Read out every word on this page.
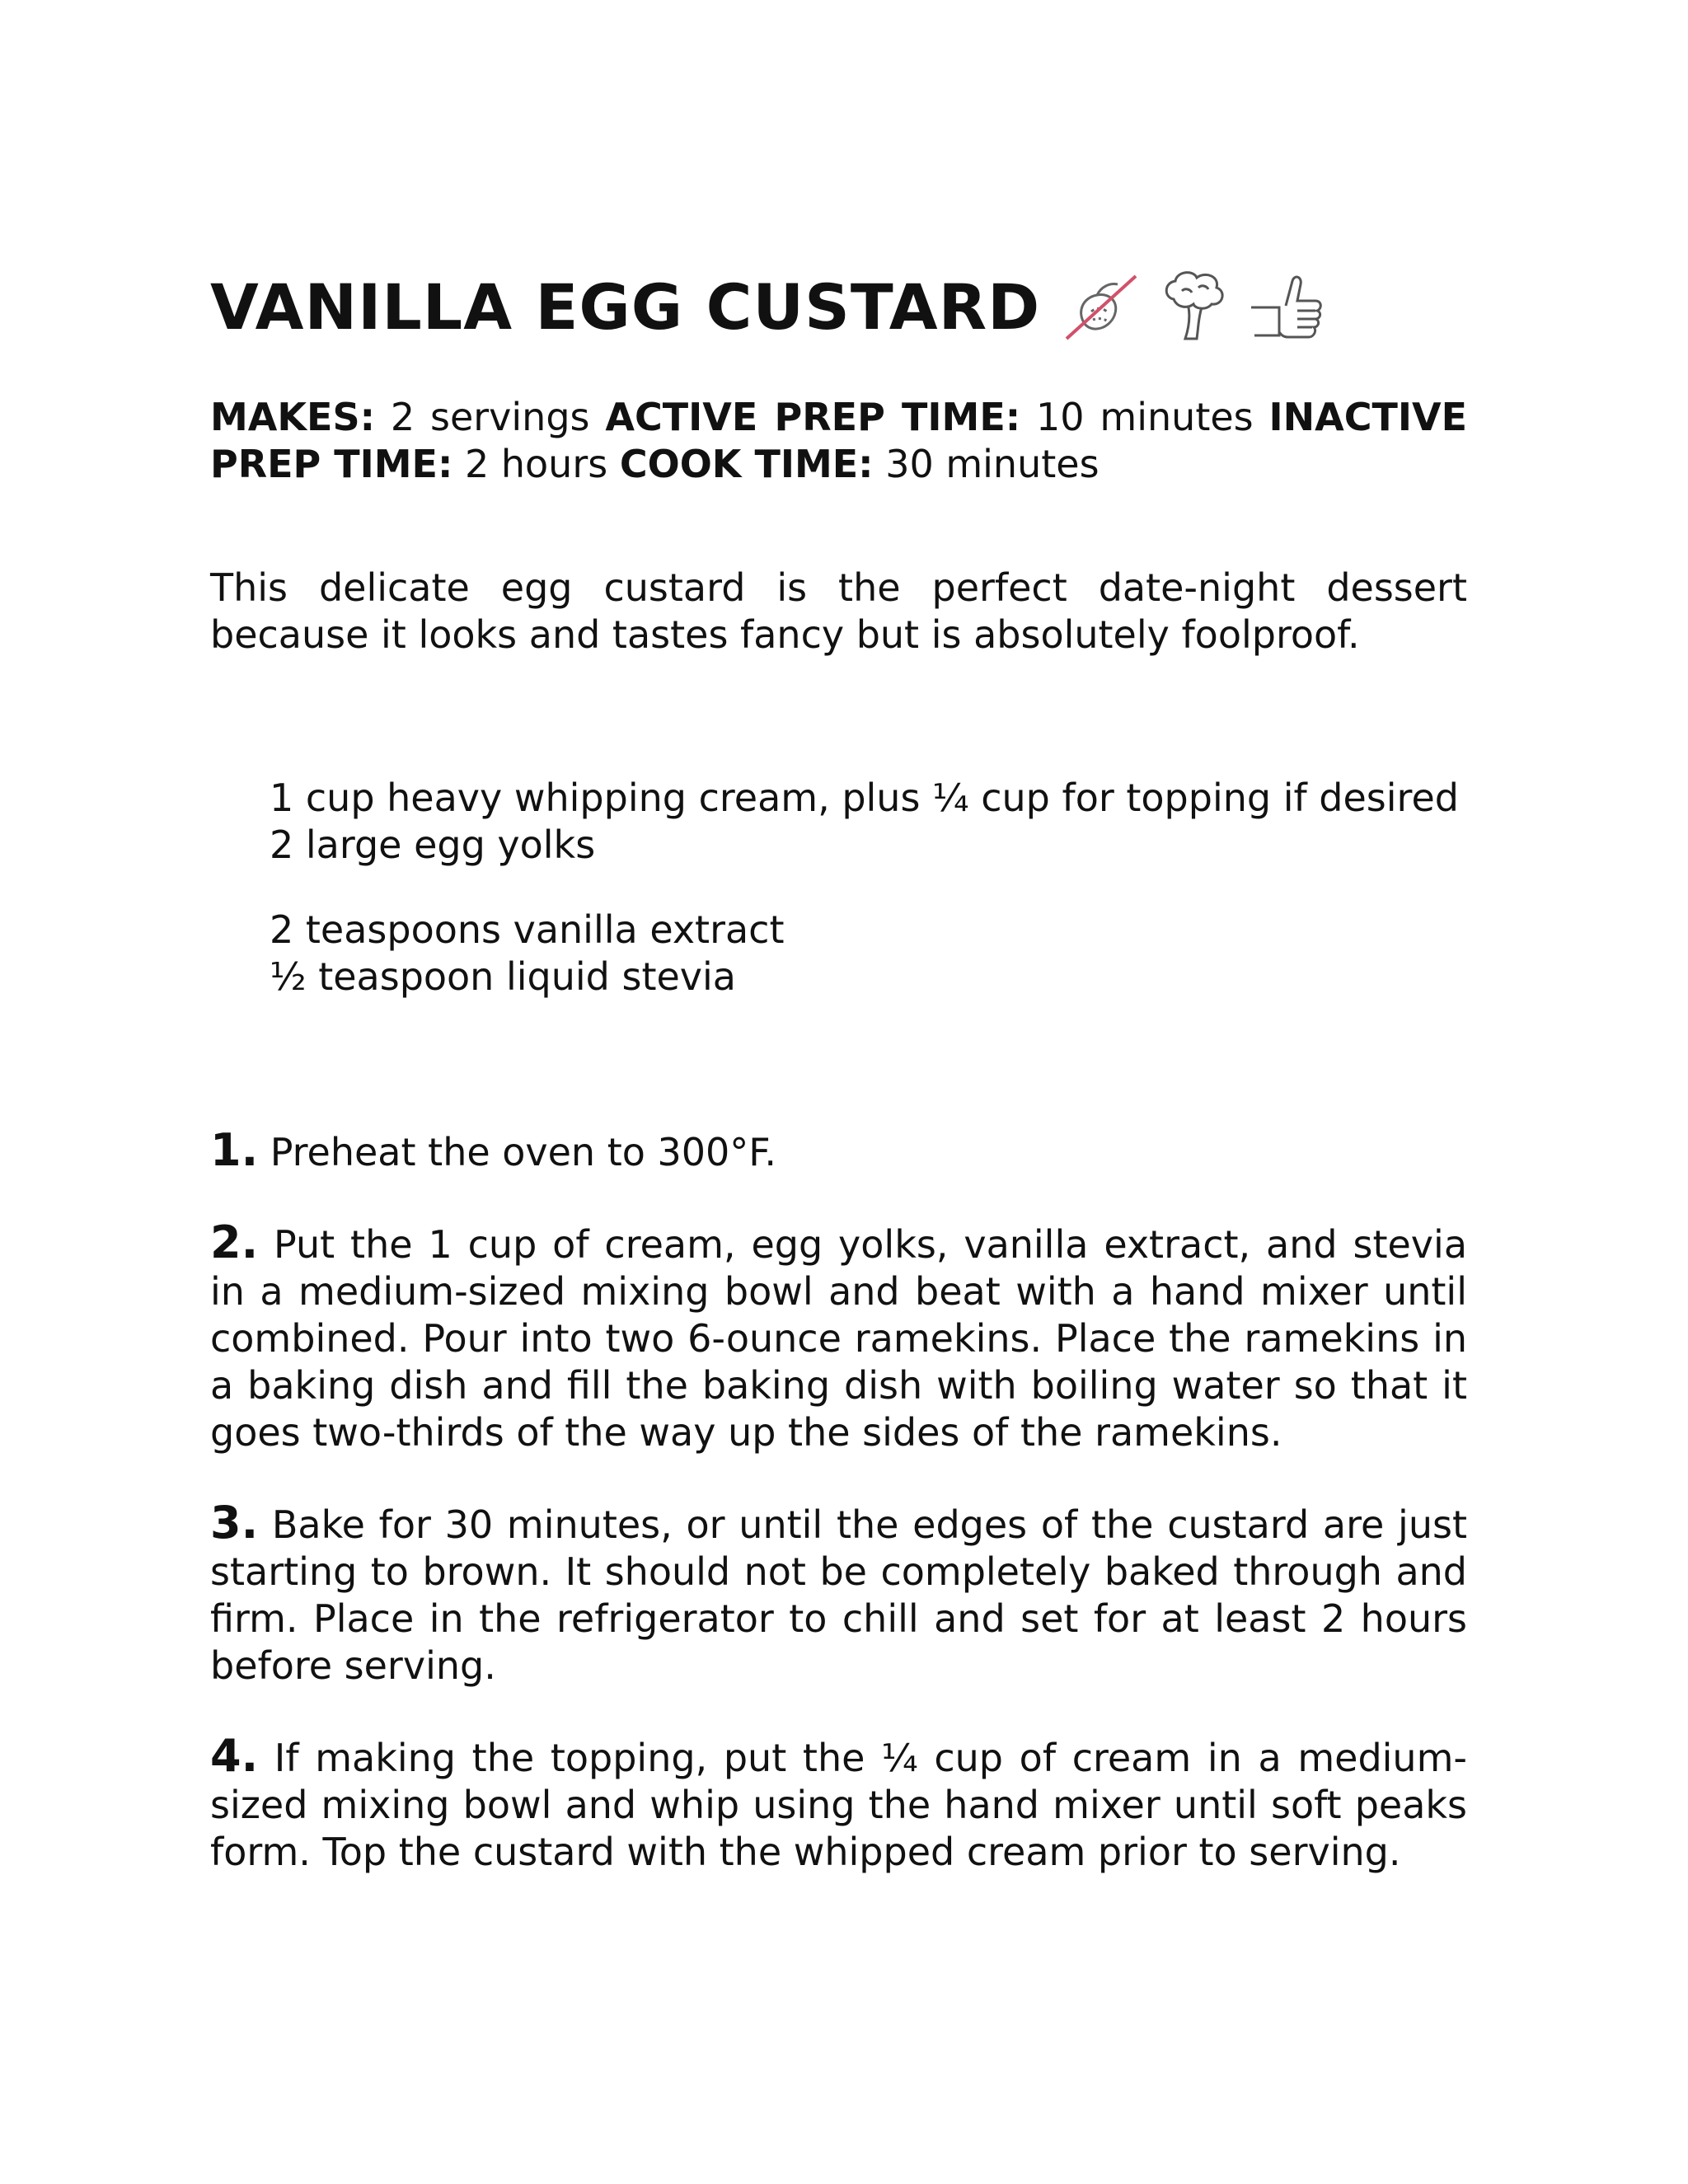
VANILLA EGG CUSTARD
MAKES: 2 servings ACTIVE PREP TIME: 10 minutes INACTIVE PREP TIME: 2 hours COOK TIME: 30 minutes
This delicate egg custard is the perfect date-night dessert because it looks and tastes fancy but is absolutely foolproof.

1 cup heavy whipping cream, plus ¼ cup for topping if desired

2 large egg yolks

2 teaspoons vanilla extract

½ teaspoon liquid stevia

1. Preheat the oven to 300°F.

2. Put the 1 cup of cream, egg yolks, vanilla extract, and stevia in a medium-sized mixing bowl and beat with a hand mixer until combined. Pour into two 6-ounce ramekins. Place the ramekins in a baking dish and fill the baking dish with boiling water so that it goes two-thirds of the way up the sides of the ramekins.

3. Bake for 30 minutes, or until the edges of the custard are just starting to brown. It should not be completely baked through and firm. Place in the refrigerator to chill and set for at least 2 hours before serving.

4. If making the topping, put the ¼ cup of cream in a medium-sized mixing bowl and whip using the hand mixer until soft peaks form. Top the custard with the whipped cream prior to serving.
